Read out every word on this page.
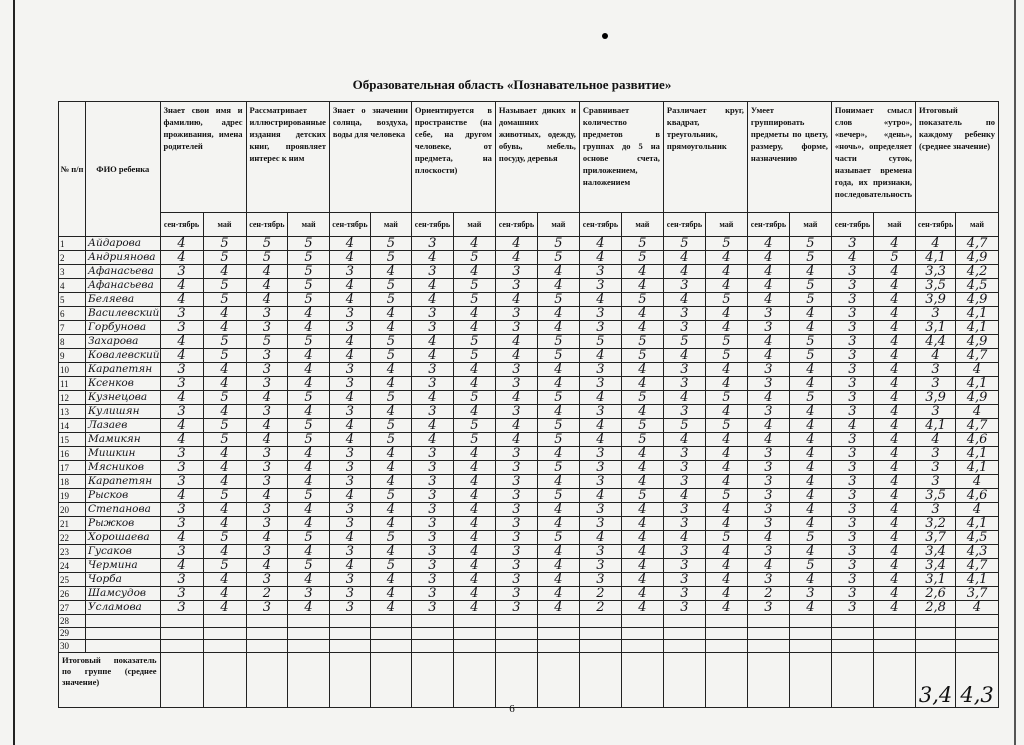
Образовательная область «Познавательное развитие»
№ п/п	ФИО ребенка	Знает свои имя и фамилию, адрес проживания, имена родителей		Рассматривает иллюстрированные издания детских книг, проявляет интерес к ним		Знает о значении солнца, воздуха, воды для человека		Ориентируется в пространстве (на себе, на другом человеке, от предмета, на плоскости)		Называет диких и домашних животных, одежду, обувь, мебель, посуду, деревья		Сравнивает количество предметов в группах до 5 на основе счета, приложением, наложением		Различает круг, квадрат, треугольник, прямоугольник		Умеет группировать предметы по цвету, размеру, форме, назначению		Понимает смысл слов «утро», «вечер», «день», «ночь», определяет части суток, называет времена года, их признаки, последовательность		Итоговый показатель по каждому ребенку (среднее значение)	
		сен-тябрь	май	сен-тябрь	май	сен-тябрь	май	сен-тябрь	май	сен-тябрь	май	сен-тябрь	май	сен-тябрь	май	сен-тябрь	май	сен-тябрь	май	сен-тябрь	май
1	Айдарова	4	5	5	5	4	5	3	4	4	5	4	5	5	5	4	5	3	4	4	4,7
2	Андриянова	4	5	5	5	4	5	4	5	4	5	4	5	4	4	4	5	4	5	4,1	4,9
3	Афанасьева	3	4	4	5	3	4	3	4	3	4	3	4	4	4	4	4	3	4	3,3	4,2
4	Афанасьева	4	5	4	5	4	5	4	5	3	4	3	4	3	4	4	5	3	4	3,5	4,5
5	Беляева	4	5	4	5	4	5	4	5	4	5	4	5	4	5	4	5	3	4	3,9	4,9
6	Василевский	3	4	3	4	3	4	3	4	3	4	3	4	3	4	3	4	3	4	3	4,1
7	Горбунова	3	4	3	4	3	4	3	4	3	4	3	4	3	4	3	4	3	4	3,1	4,1
8	Захарова	4	5	5	5	4	5	4	5	4	5	5	5	5	5	4	5	3	4	4,4	4,9
9	Ковалевский	4	5	3	4	4	5	4	5	4	5	4	5	4	5	4	5	3	4	4	4,7
10	Карапетян	3	4	3	4	3	4	3	4	3	4	3	4	3	4	3	4	3	4	3	4
11	Ксенков	3	4	3	4	3	4	3	4	3	4	3	4	3	4	3	4	3	4	3	4,1
12	Кузнецова	4	5	4	5	4	5	4	5	4	5	4	5	4	5	4	5	3	4	3,9	4,9
13	Кулишян	3	4	3	4	3	4	3	4	3	4	3	4	3	4	3	4	3	4	3	4
14	Лазаев	4	5	4	5	4	5	4	5	4	5	4	5	5	5	4	4	4	4	4,1	4,7
15	Мамикян	4	5	4	5	4	5	4	5	4	5	4	5	4	4	4	4	3	4	4	4,6
16	Мишкин	3	4	3	4	3	4	3	4	3	4	3	4	3	4	3	4	3	4	3	4,1
17	Мясников	3	4	3	4	3	4	3	4	3	5	3	4	3	4	3	4	3	4	3	4,1
18	Карапетян	3	4	3	4	3	4	3	4	3	4	3	4	3	4	3	4	3	4	3	4
19	Рысков	4	5	4	5	4	5	3	4	3	5	4	5	4	5	3	4	3	4	3,5	4,6
20	Степанова	3	4	3	4	3	4	3	4	3	4	3	4	3	4	3	4	3	4	3	4
21	Рыжков	3	4	3	4	3	4	3	4	3	4	3	4	3	4	3	4	3	4	3,2	4,1
22	Хорошаева	4	5	4	5	4	5	3	4	3	5	4	4	4	5	4	5	3	4	3,7	4,5
23	Гусаков	3	4	3	4	3	4	3	4	3	4	3	4	3	4	3	4	3	4	3,4	4,3
24	Чермина	4	5	4	5	4	5	3	4	3	4	3	4	3	4	4	5	3	4	3,4	4,7
25	Чорба	3	4	3	4	3	4	3	4	3	4	3	4	3	4	3	4	3	4	3,1	4,1
26	Шамсудов	3	4	2	3	3	4	3	4	3	4	2	4	3	4	2	3	3	4	2,6	3,7
27	Усламова	3	4	3	4	3	4	3	4	3	4	2	4	3	4	3	4	3	4	2,8	4
28																					
29																					
30																					
Итоговый показатель по группе (среднее значение)																				3,4	4,3
6
